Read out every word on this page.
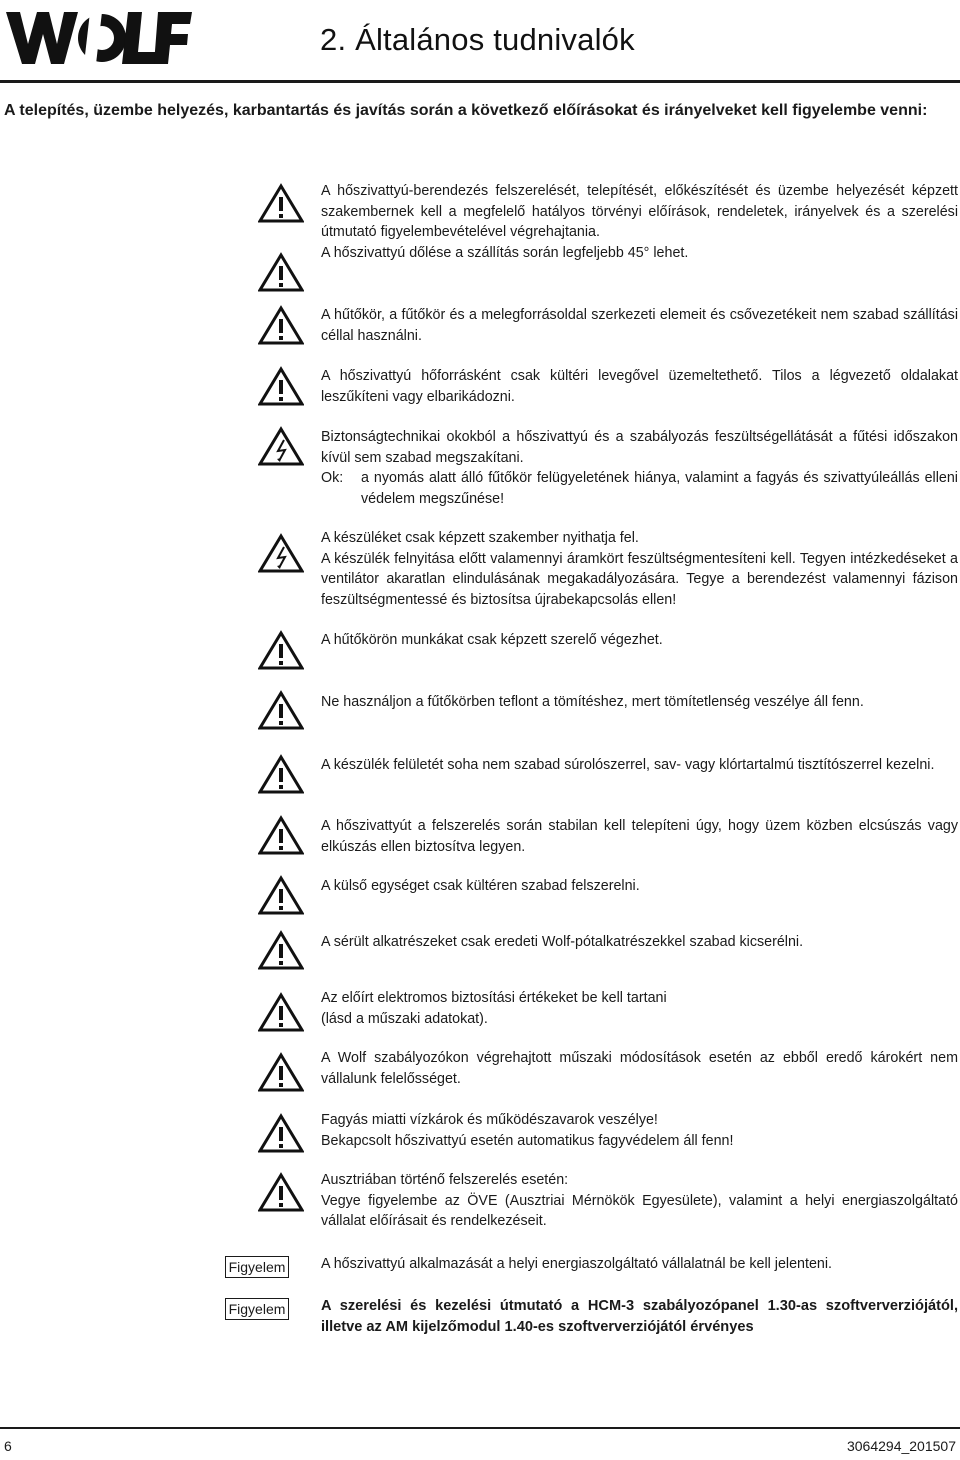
2. Általános tudnivalók

A telepítés, üzembe helyezés, karbantartás és javítás során a következő előírásokat és irányelveket kell figyelembe venni:

Figyelem
Figyelem

A hőszivattyú-berendezés felszerelését, telepítését, előkészítését és üzembe helyezését képzett szakembernek kell a megfelelő hatályos törvényi előírások, rendeletek, irányelvek és a szerelési útmutató figyelembevételével végrehajtania.

A hőszivattyú dőlése a szállítás során legfeljebb 45° lehet.

A hűtőkör, a fűtőkör és a melegforrásoldal szerkezeti elemeit és csővezetékeit nem szabad szállítási céllal használni.

A hőszivattyú hőforrásként csak kültéri levegővel üzemeltethető. Tilos a légvezető oldalakat leszűkíteni vagy elbarikádozni.

Biztonságtechnikai okokból a hőszivattyú és a szabályozás feszültségellátását a fűtési időszakon kívül sem szabad megszakítani.

Ok:	a nyomás alatt álló fűtőkör felügyeletének hiánya, valamint a fagyás és szivattyúleállás elleni védelem megszűnése!

A készüléket csak képzett szakember nyithatja fel.

A készülék felnyitása előtt valamennyi áramkört feszültségmentesíteni kell. Tegyen intézkedéseket a ventilátor akaratlan elindulásának megakadályozására. Tegye a berendezést valamennyi fázison feszültségmentessé és biztosítsa újrabekapcsolás ellen!

A hűtőkörön munkákat csak képzett szerelő végezhet.

Ne használjon a fűtőkörben teflont a tömítéshez, mert tömítetlenség veszélye áll fenn.

A készülék felületét soha nem szabad súrolószerrel, sav- vagy klórtartalmú tisztítószerrel kezelni.

A hőszivattyút a felszerelés során stabilan kell telepíteni úgy, hogy üzem közben elcsúszás vagy elkúszás ellen biztosítva legyen.

A külső egységet csak kültéren szabad felszerelni.

A sérült alkatrészeket csak eredeti Wolf-pótalkatrészekkel szabad kicserélni.

Az előírt elektromos biztosítási értékeket be kell tartani

(lásd a műszaki adatokat).

A Wolf szabályozókon végrehajtott műszaki módosítások esetén az ebből eredő károkért nem vállalunk felelősséget.

Fagyás miatti vízkárok és működészavarok veszélye!

Bekapcsolt hőszivattyú esetén automatikus fagyvédelem áll fenn!

Ausztriában történő felszerelés esetén:

Vegye figyelembe az ÖVE (Ausztriai Mérnökök Egyesülete), valamint a helyi energiaszolgáltató vállalat előírásait és rendelkezéseit.

A hőszivattyú alkalmazását a helyi energiaszolgáltató vállalatnál be kell jelenteni.

A szerelési és kezelési útmutató a HCM-3 szabályozópanel 1.30-as szoftververziójától, illetve az AM kijelzőmodul 1.40-es szoftververziójától érvényes

6	3064294_201507
